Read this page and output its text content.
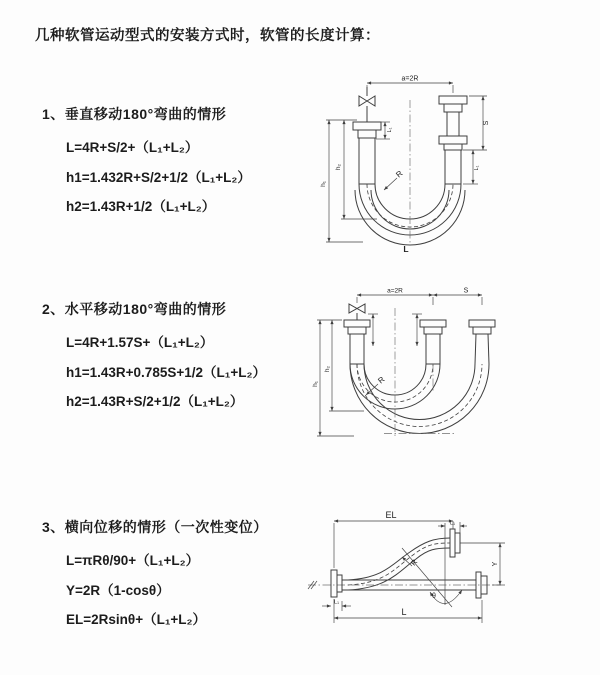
几种软管运动型式的安装方式时，软管的长度计算：
1、垂直移动180°弯曲的情形
L=4R+S/2+（L₁+L₂）
h1=1.432R+S/2+1/2（L₁+L₂）
h2=1.43R+1/2（L₁+L₂）
2、水平移动180°弯曲的情形
L=4R+1.57S+（L₁+L₂）
h1=1.43R+0.785S+1/2（L₁+L₂）
h2=1.43R+S/2+1/2（L₁+L₂）
3、横向位移的情形（一次性变位）
L=πRθ/90+（L₁+L₂）
Y=2R（1-cosθ）
EL=2Rsinθ+（L₁+L₂）
a=2R
h₂
h₁
L₁
S
L₁
R
L
a=2R	S
h₁
h₂
R
EL
L₁
θ
R	Y
L
L₁
